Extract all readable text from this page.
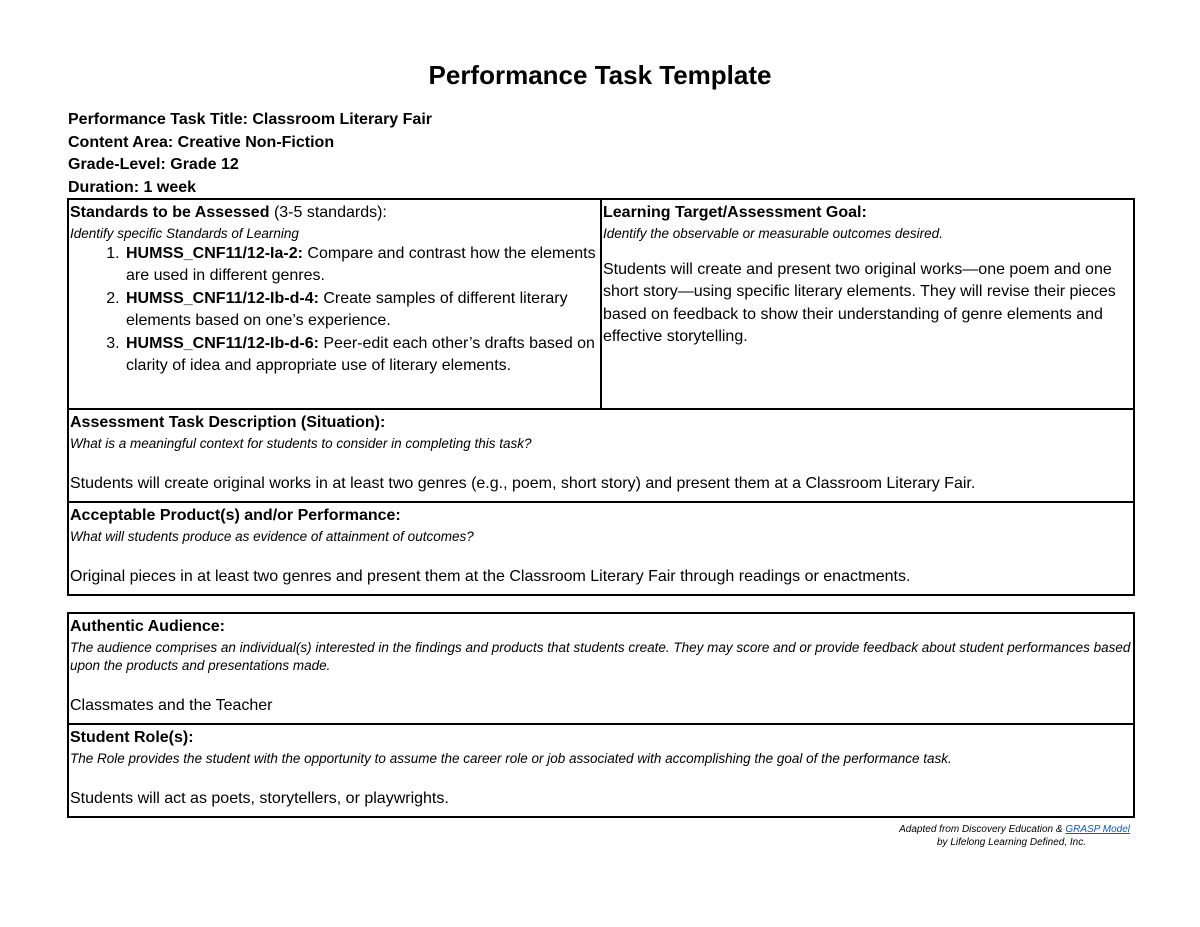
Performance Task Template
Performance Task Title: Classroom Literary Fair
Content Area: Creative Non-Fiction
Grade-Level: Grade 12
Duration: 1 week
Standards to be Assessed (3-5 standards):
Identify specific Standards of Learning
1. HUMSS_CNF11/12-Ia-2: Compare and contrast how the elements are used in different genres.
2. HUMSS_CNF11/12-Ib-d-4: Create samples of different literary elements based on one’s experience.
3. HUMSS_CNF11/12-Ib-d-6: Peer-edit each other’s drafts based on clarity of idea and appropriate use of literary elements.

Learning Target/Assessment Goal:
Identify the observable or measurable outcomes desired.
Students will create and present two original works—one poem and one short story—using specific literary elements. They will revise their pieces based on feedback to show their understanding of genre elements and effective storytelling.

Assessment Task Description (Situation):
What is a meaningful context for students to consider in completing this task?
Students will create original works in at least two genres (e.g., poem, short story) and present them at a Classroom Literary Fair.

Acceptable Product(s) and/or Performance:
What will students produce as evidence of attainment of outcomes?
Original pieces in at least two genres and present them at the Classroom Literary Fair through readings or enactments.
Authentic Audience:
The audience comprises an individual(s) interested in the findings and products that students create. They may score and or provide feedback about student performances based upon the products and presentations made.
Classmates and the Teacher

Student Role(s):
The Role provides the student with the opportunity to assume the career role or job associated with accomplishing the goal of the performance task.
Students will act as poets, storytellers, or playwrights.
Adapted from Discovery Education & GRASP Model
by Lifelong Learning Defined, Inc.
